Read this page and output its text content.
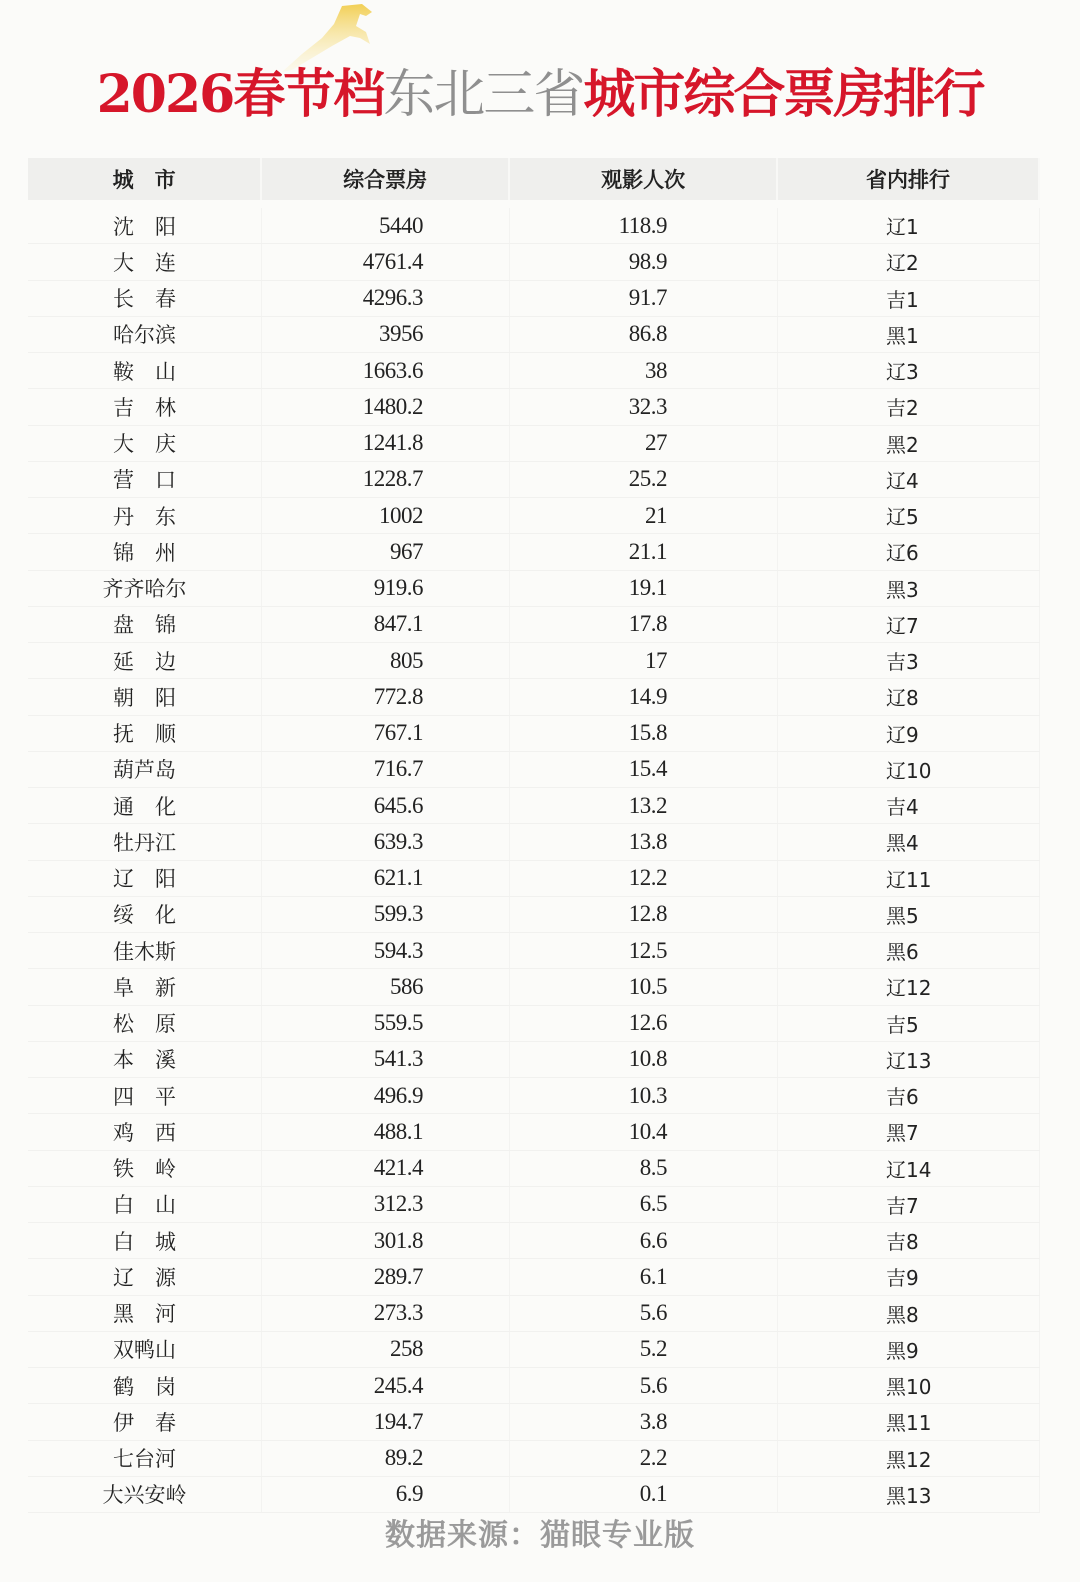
2026春节档东北三省城市综合票房排行
城　市	综合票房	观影人次	省内排行
沈　阳	5440	118.9	辽1
大　连	4761.4	98.9	辽2
长　春	4296.3	91.7	吉1
哈尔滨	3956	86.8	黑1
鞍　山	1663.6	38	辽3
吉　林	1480.2	32.3	吉2
大　庆	1241.8	27	黑2
营　口	1228.7	25.2	辽4
丹　东	1002	21	辽5
锦　州	967	21.1	辽6
齐齐哈尔	919.6	19.1	黑3
盘　锦	847.1	17.8	辽7
延　边	805	17	吉3
朝　阳	772.8	14.9	辽8
抚　顺	767.1	15.8	辽9
葫芦岛	716.7	15.4	辽10
通　化	645.6	13.2	吉4
牡丹江	639.3	13.8	黑4
辽　阳	621.1	12.2	辽11
绥　化	599.3	12.8	黑5
佳木斯	594.3	12.5	黑6
阜　新	586	10.5	辽12
松　原	559.5	12.6	吉5
本　溪	541.3	10.8	辽13
四　平	496.9	10.3	吉6
鸡　西	488.1	10.4	黑7
铁　岭	421.4	8.5	辽14
白　山	312.3	6.5	吉7
白　城	301.8	6.6	吉8
辽　源	289.7	6.1	吉9
黑　河	273.3	5.6	黑8
双鸭山	258	5.2	黑9
鹤　岗	245.4	5.6	黑10
伊　春	194.7	3.8	黑11
七台河	89.2	2.2	黑12
大兴安岭	6.9	0.1	黑13
数据来源：猫眼专业版
